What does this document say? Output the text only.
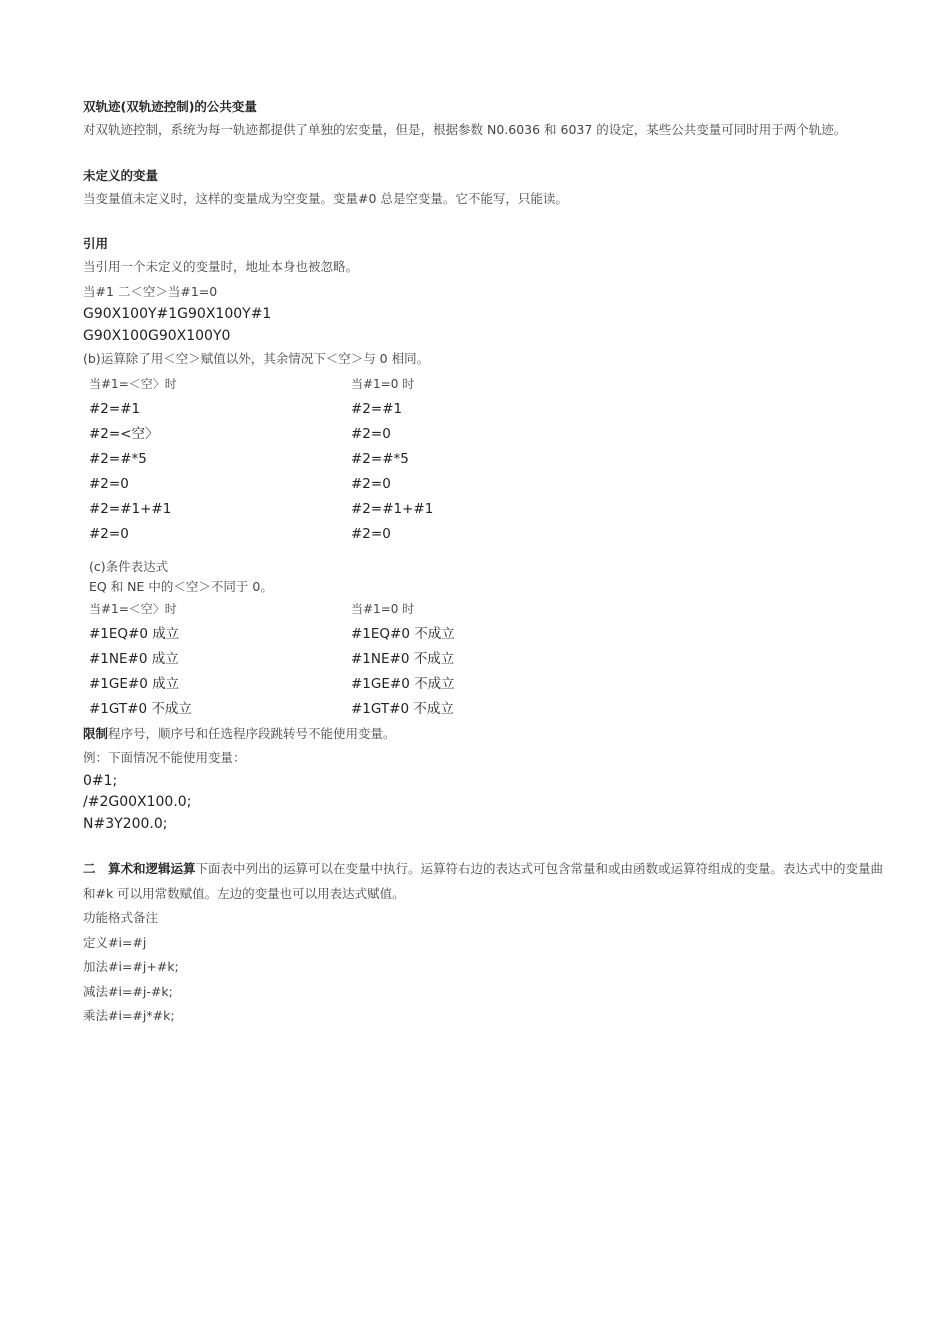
双轨迹(双轨迹控制)的公共变量
对双轨迹控制，系统为每一轨迹都提供了单独的宏变量，但是，根据参数 N0.6036 和 6037 的设定，某些公共变量可同时用于两个轨迹。
未定义的变量
当变量值未定义时，这样的变量成为空变量。变量#0 总是空变量。它不能写，只能读。
引用
当引用一个未定义的变量时，地址本身也被忽略。
当#1 二＜空＞当#1=0
G90X100Y#1G90X100Y#1
G90X100G90X100Y0
(b)运算除了用＜空＞赋值以外，其余情况下＜空＞与 0 相同。
当#1=＜空〉时	当#1=0 时
#2=#1	#2=#1
#2=<空〉	#2=0
#2=#*5	#2=#*5
#2=0	#2=0
#2=#1+#1	#2=#1+#1
#2=0	#2=0
(c)条件表达式
EQ 和 NE 中的＜空＞不同于 0。
当#1=＜空〉时	当#1=0 时
#1EQ#0 成立	#1EQ#0 不成立
#1NE#0 成立	#1NE#0 不成立
#1GE#0 成立	#1GE#0 不成立
#1GT#0 不成立	#1GT#0 不成立
限制程序号，顺序号和任选程序段跳转号不能使用变量。
例：下面情况不能使用变量：
0#1;
/#2G00X100.0;
N#3Y200.0;
二　算术和逻辑运算下面表中列出的运算可以在变量中执行。运算符右边的表达式可包含常量和或由函数或运算符组成的变量。表达式中的变量曲和#k 可以用常数赋值。左边的变量也可以用表达式赋值。
功能格式备注
定义#i=#j
加法#i=#j+#k;
减法#i=#j-#k;
乘法#i=#j*#k;
